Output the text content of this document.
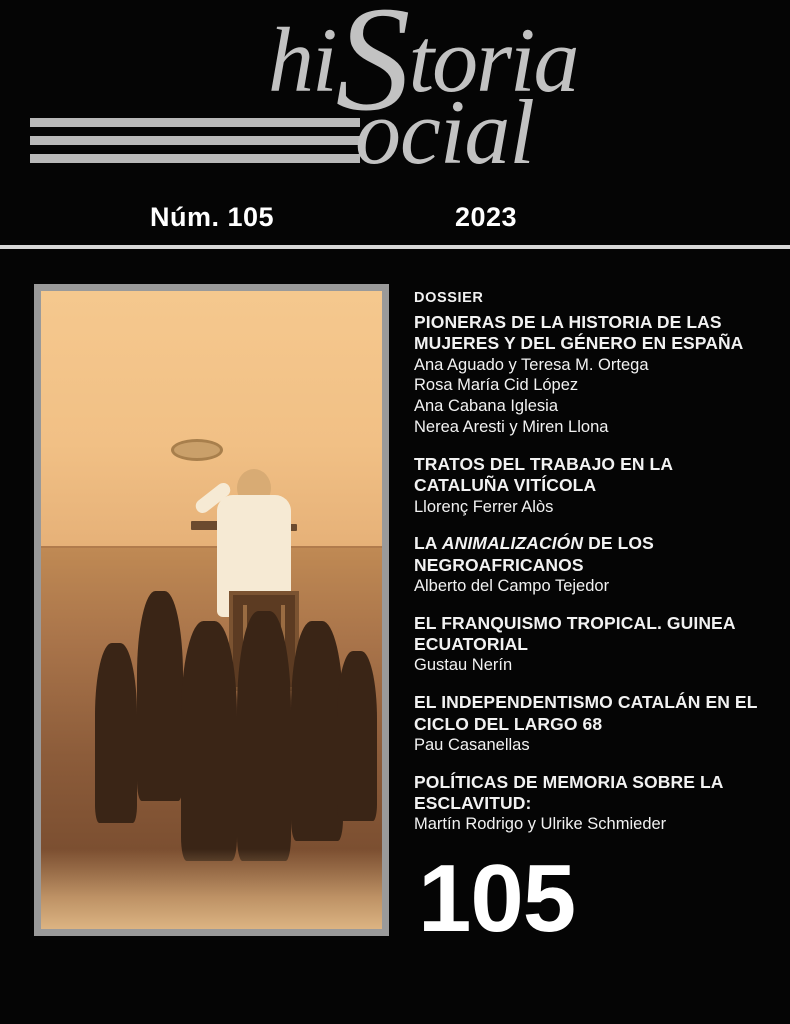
hiStoria
ocial
Núm. 105	2023
DOSSIER
PIONERAS DE LA HISTORIA DE LAS MUJERES Y DEL GÉNERO EN ESPAÑA
Ana Aguado y Teresa M. Ortega
Rosa María Cid López
Ana Cabana Iglesia
Nerea Aresti y Miren Llona
TRATOS DEL TRABAJO EN LA CATALUÑA VITÍCOLA
Llorenç Ferrer Alòs
LA ANIMALIZACIÓN DE LOS NEGROAFRICANOS
Alberto del Campo Tejedor
EL FRANQUISMO TROPICAL. GUINEA ECUATORIAL
Gustau Nerín
EL INDEPENDENTISMO CATALÁN EN EL CICLO DEL LARGO 68
Pau Casanellas
POLÍTICAS DE MEMORIA SOBRE LA ESCLAVITUD:
Martín Rodrigo y Ulrike Schmieder
105
